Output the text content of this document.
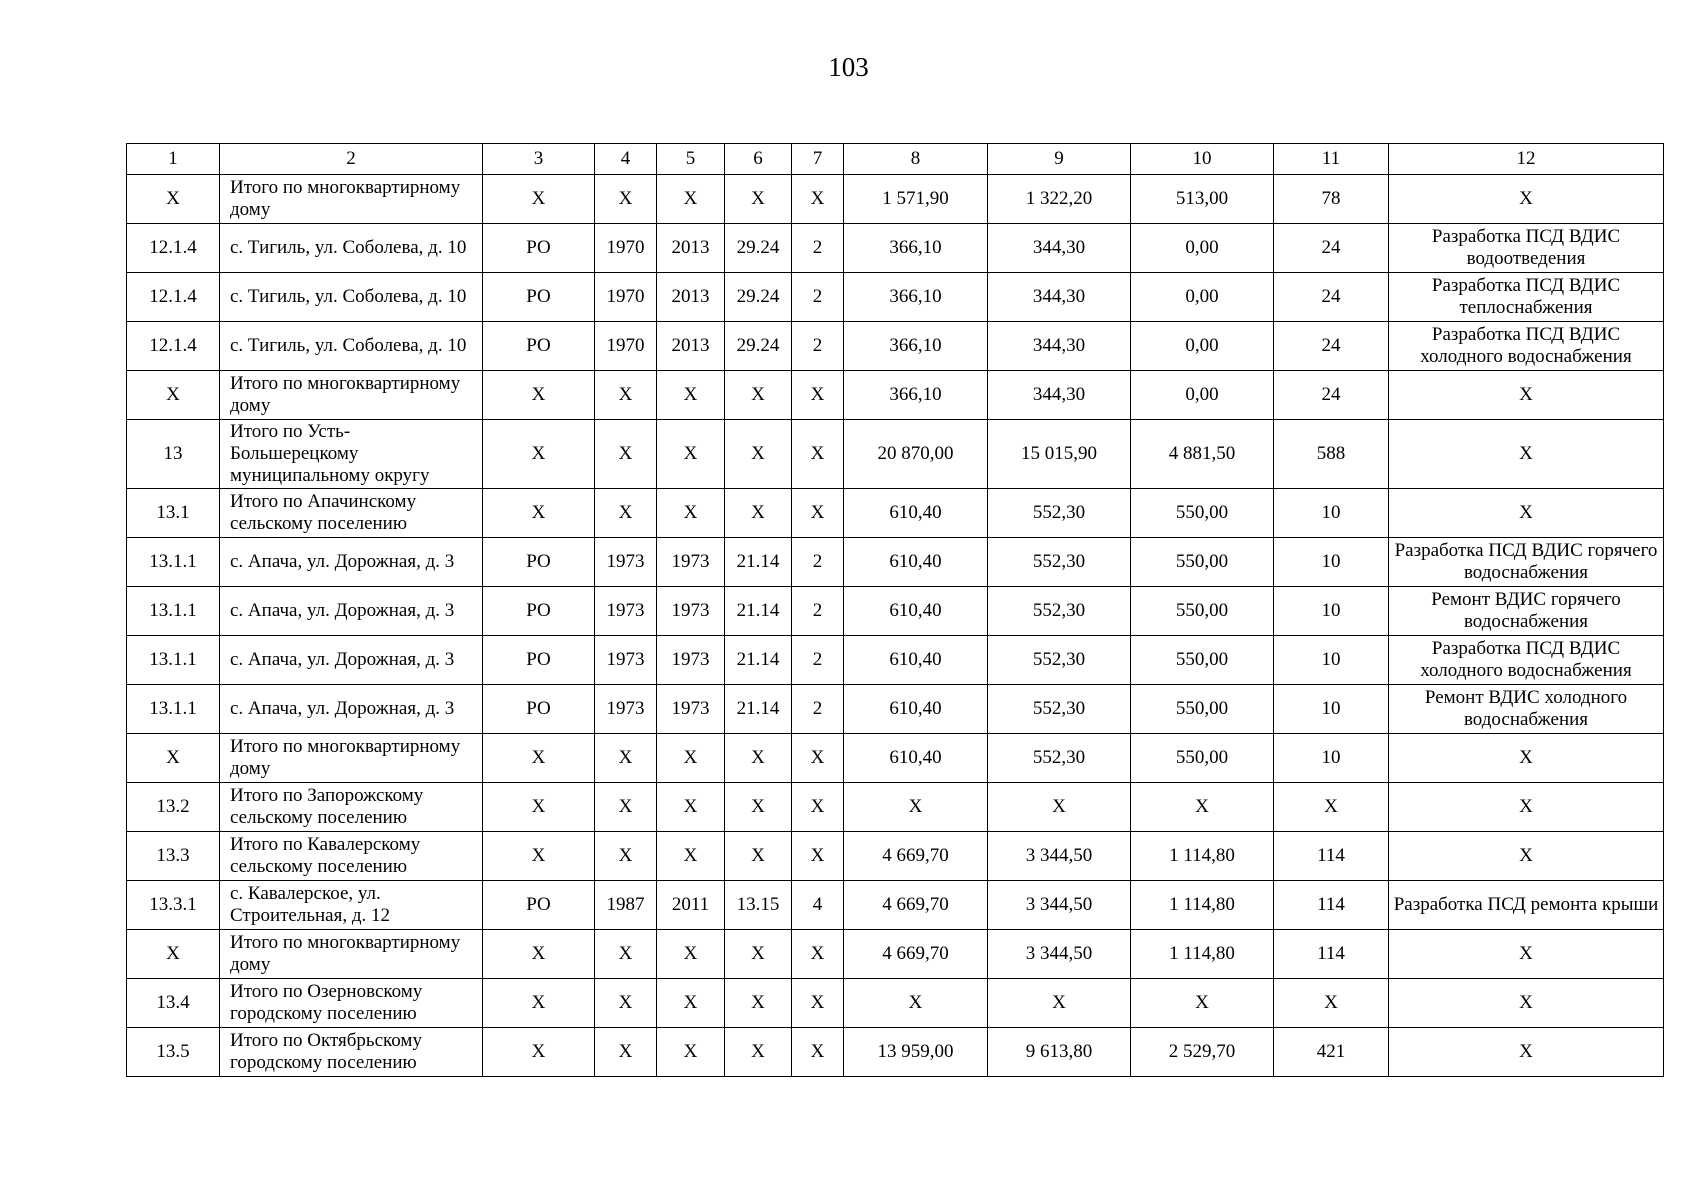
103
1	2	3	4	5	6	7	8	9	10	11	12
X	Итого по многоквартирному дому	X	X	X	X	X	1 571,90	1 322,20	513,00	78	X
12.1.4	с. Тигиль, ул. Соболева, д. 10	РО	1970	2013	29.24	2	366,10	344,30	0,00	24	Разработка ПСД ВДИС водоотведения
12.1.4	с. Тигиль, ул. Соболева, д. 10	РО	1970	2013	29.24	2	366,10	344,30	0,00	24	Разработка ПСД ВДИС теплоснабжения
12.1.4	с. Тигиль, ул. Соболева, д. 10	РО	1970	2013	29.24	2	366,10	344,30	0,00	24	Разработка ПСД ВДИС холодного водоснабжения
X	Итого по многоквартирному дому	X	X	X	X	X	366,10	344,30	0,00	24	X
13	Итого по Усть-Большерецкому муниципальному округу	X	X	X	X	X	20 870,00	15 015,90	4 881,50	588	X
13.1	Итого по Апачинскому сельскому поселению	X	X	X	X	X	610,40	552,30	550,00	10	X
13.1.1	с. Апача, ул. Дорожная, д. 3	РО	1973	1973	21.14	2	610,40	552,30	550,00	10	Разработка ПСД ВДИС горячего водоснабжения
13.1.1	с. Апача, ул. Дорожная, д. 3	РО	1973	1973	21.14	2	610,40	552,30	550,00	10	Ремонт ВДИС горячего водоснабжения
13.1.1	с. Апача, ул. Дорожная, д. 3	РО	1973	1973	21.14	2	610,40	552,30	550,00	10	Разработка ПСД ВДИС холодного водоснабжения
13.1.1	с. Апача, ул. Дорожная, д. 3	РО	1973	1973	21.14	2	610,40	552,30	550,00	10	Ремонт ВДИС холодного водоснабжения
X	Итого по многоквартирному дому	X	X	X	X	X	610,40	552,30	550,00	10	X
13.2	Итого по Запорожскому сельскому поселению	X	X	X	X	X	X	X	X	X	X
13.3	Итого по Кавалерскому сельскому поселению	X	X	X	X	X	4 669,70	3 344,50	1 114,80	114	X
13.3.1	с. Кавалерское, ул. Строительная, д. 12	РО	1987	2011	13.15	4	4 669,70	3 344,50	1 114,80	114	Разработка ПСД ремонта крыши
X	Итого по многоквартирному дому	X	X	X	X	X	4 669,70	3 344,50	1 114,80	114	X
13.4	Итого по Озерновскому городскому поселению	X	X	X	X	X	X	X	X	X	X
13.5	Итого по Октябрьскому городскому поселению	X	X	X	X	X	13 959,00	9 613,80	2 529,70	421	X
